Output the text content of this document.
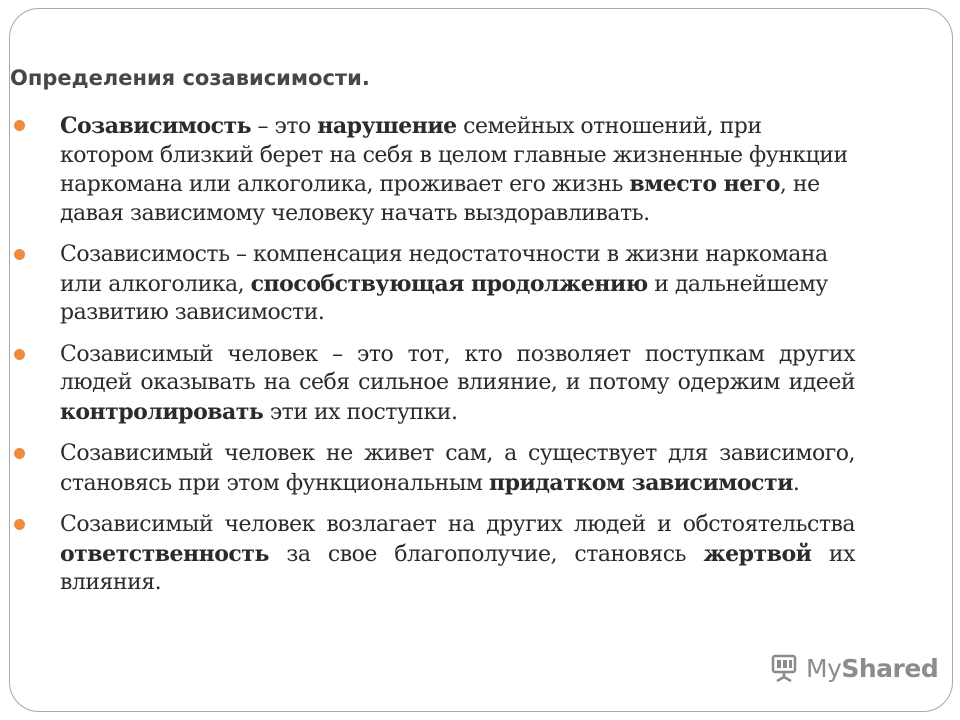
Определения созависимости.

Созависимость – это нарушение семейных отношений, при котором близкий берет на себя в целом главные жизненные функции наркомана или алкоголика, проживает его жизнь вместо него, не давая зависимому человеку начать выздоравливать.

Созависимость – компенсация недостаточности в жизни наркомана или алкоголика, способствующая продолжению и дальнейшему развитию зависимости.

Созависимый человек – это тот, кто позволяет поступкам других людей оказывать на себя сильное влияние, и потому одержим идеей контролировать эти их поступки.

Созависимый человек не живет сам, а существует для зависимого, становясь при этом функциональным придатком зависимости.

Созависимый человек возлагает на других людей и обстоятельства ответственность за свое благополучие, становясь жертвой их влияния.

MyShared
